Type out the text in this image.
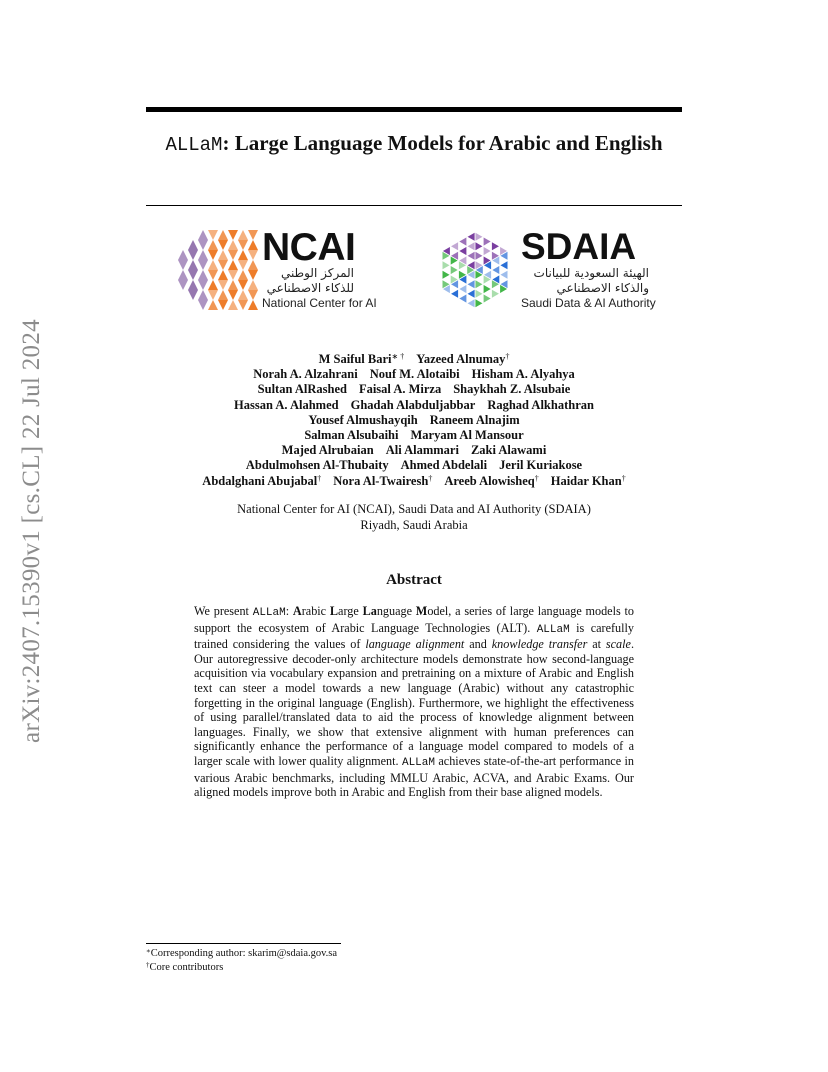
arXiv:2407.15390v1 [cs.CL] 22 Jul 2024
ALLaM: Large Language Models for Arabic and English
NCAI
المركز الوطني
للذكاء الاصطناعي
National Center for AI
SDAIA
الهيئة السعودية للبيانات
والذكاء الاصطناعي
Saudi Data & AI Authority
M Saiful Bari∗ † Yazeed Alnumay†
Norah A. Alzahrani Nouf M. Alotaibi Hisham A. Alyahya
Sultan AlRashed Faisal A. Mirza Shaykhah Z. Alsubaie
Hassan A. Alahmed Ghadah Alabduljabbar Raghad Alkhathran
Yousef Almushayqih Raneem Alnajim
Salman Alsubaihi Maryam Al Mansour
Majed Alrubaian Ali Alammari Zaki Alawami
Abdulmohsen Al-Thubaity Ahmed Abdelali Jeril Kuriakose
Abdalghani Abujabal† Nora Al-Twairesh† Areeb Alowisheq† Haidar Khan†
National Center for AI (NCAI), Saudi Data and AI Authority (SDAIA)
Riyadh, Saudi Arabia
Abstract
We present ALLaM: Arabic Large Language Model, a series of large language models to support the ecosystem of Arabic Language Technologies (ALT). ALLaM is carefully trained considering the values of language alignment and knowledge transfer at scale. Our autoregressive decoder-only architecture models demonstrate how second-language acquisition via vocabulary expansion and pretraining on a mixture of Arabic and English text can steer a model towards a new language (Arabic) without any catastrophic forgetting in the original language (English). Furthermore, we highlight the effectiveness of using parallel/translated data to aid the process of knowledge alignment between languages. Finally, we show that extensive alignment with human preferences can significantly enhance the performance of a language model compared to models of a larger scale with lower quality alignment. ALLaM achieves state-of-the-art performance in various Arabic benchmarks, including MMLU Arabic, ACVA, and Arabic Exams. Our aligned models improve both in Arabic and English from their base aligned models.
∗Corresponding author: skarim@sdaia.gov.sa
†Core contributors
